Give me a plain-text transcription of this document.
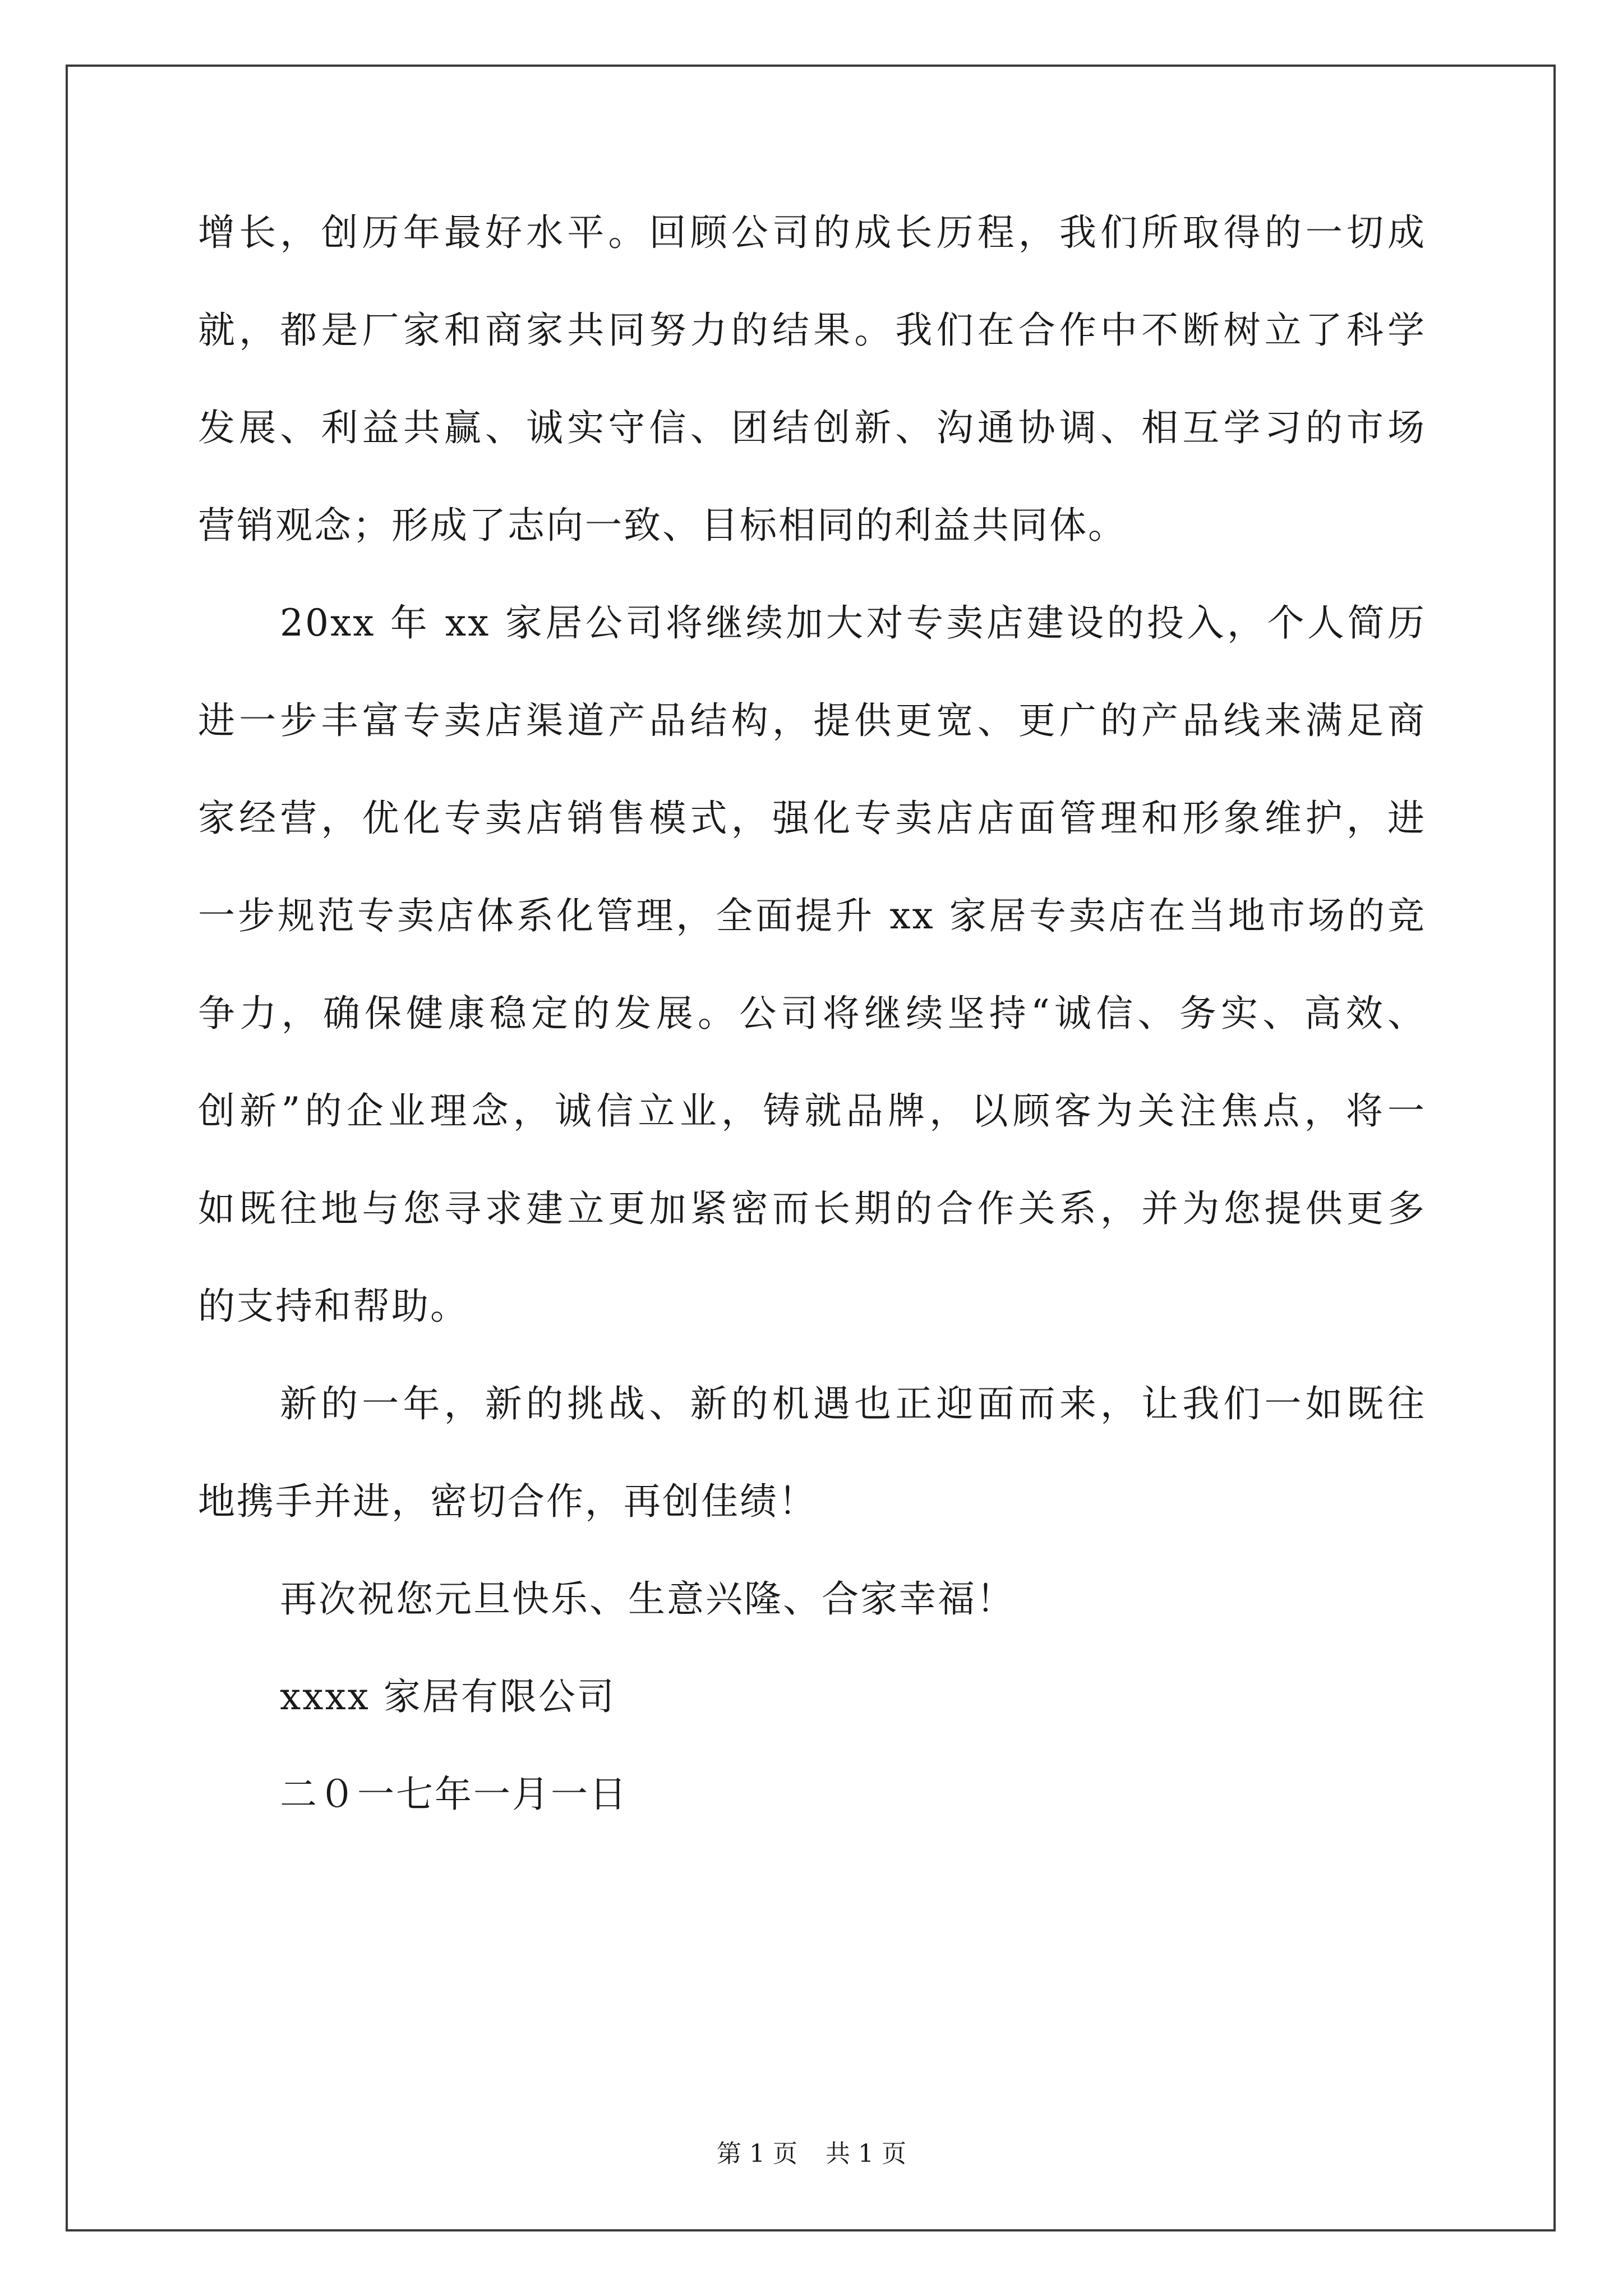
增长，创历年最好水平。回顾公司的成长历程，我们所取得的一切成
就，都是厂家和商家共同努力的结果。我们在合作中不断树立了科学
发展、利益共赢、诚实守信、团结创新、沟通协调、相互学习的市场
营销观念；形成了志向一致、目标相同的利益共同体。
20xx 年 xx 家居公司将继续加大对专卖店建设的投入，个人简历
进一步丰富专卖店渠道产品结构，提供更宽、更广的产品线来满足商
家经营，优化专卖店销售模式，强化专卖店店面管理和形象维护，进
一步规范专卖店体系化管理，全面提升 xx 家居专卖店在当地市场的竞
争力，确保健康稳定的发展。公司将继续坚持“诚信、务实、高效、
创新”的企业理念，诚信立业，铸就品牌，以顾客为关注焦点，将一
如既往地与您寻求建立更加紧密而长期的合作关系，并为您提供更多
的支持和帮助。
新的一年，新的挑战、新的机遇也正迎面而来，让我们一如既往
地携手并进，密切合作，再创佳绩！
再次祝您元旦快乐、生意兴隆、合家幸福！
xxxx 家居有限公司
二０一七年一月一日
第 1 页 共 1 页
